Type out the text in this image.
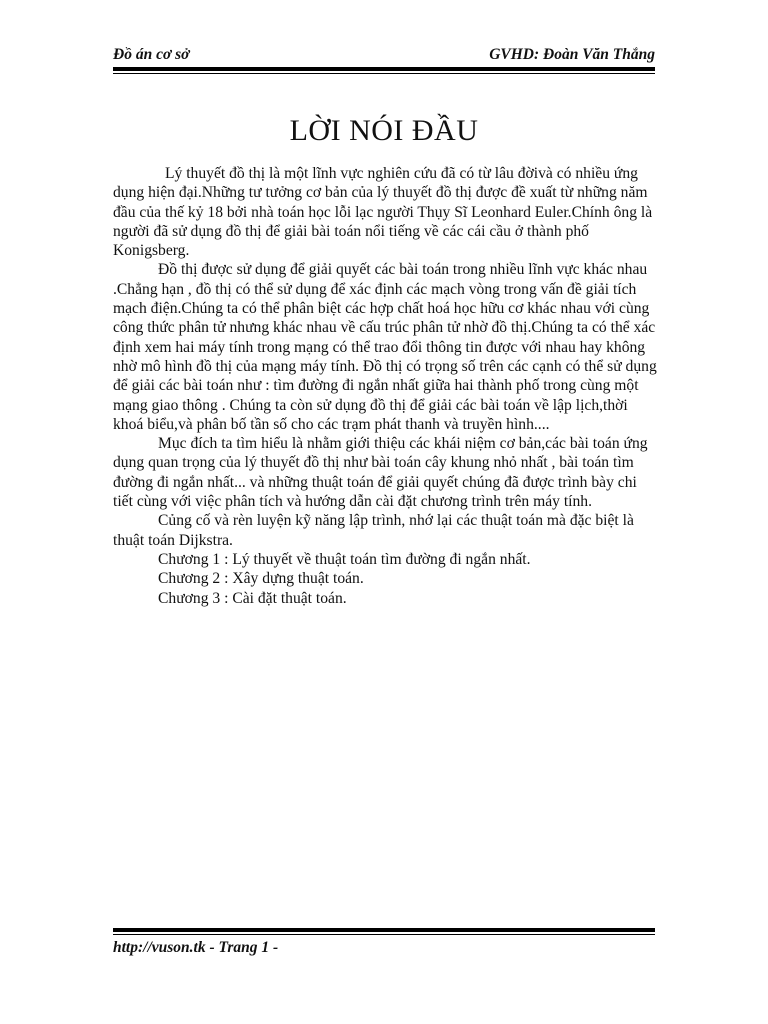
Đồ án cơ sở	GVHD: Đoàn Văn Thắng
LỜI NÓI ĐẦU

Lý thuyết đồ thị là một lĩnh vực nghiên cứu đã có từ lâu đờivà có nhiều ứng dụng hiện đại.Những tư tưởng cơ bản của lý thuyết đồ thị được đề xuất từ những năm đầu của thế kỷ 18 bởi nhà toán học lỗi lạc người Thụy Sĩ Leonhard Euler.Chính ông là người đã sử dụng đồ thị để giải bài toán nổi tiếng về các cái cầu ở thành phố Konigsberg.

Đồ thị được sử dụng để giải quyết các bài toán trong nhiều lĩnh vực khác nhau .Chẳng hạn , đồ thị có thể sử dụng để xác định các mạch vòng trong vấn đề giải tích mạch điện.Chúng ta có thể phân biệt các hợp chất hoá học hữu cơ khác nhau với cùng công thức phân tử nhưng khác nhau về cấu trúc phân tử nhờ đồ thị.Chúng ta có thể xác định xem hai máy tính trong mạng có thể trao đổi thông tin được với nhau hay không nhờ mô hình đồ thị của mạng máy tính. Đồ thị có trọng số trên các cạnh có thể sử dụng để giải các bài toán như : tìm đường đi ngắn nhất giữa hai thành phố trong cùng một mạng giao thông . Chúng ta còn sử dụng đồ thị để giải các bài toán về lập lịch,thời khoá biểu,và phân bố tần số cho các trạm phát thanh và truyền hình....

Mục đích ta tìm hiểu là nhằm giới thiệu các khái niệm cơ bản,các bài toán ứng dụng quan trọng của lý thuyết đồ thị như bài toán cây khung nhỏ nhất , bài toán tìm đường đi ngắn nhất... và những thuật toán để giải quyết chúng đã được trình bày chi tiết cùng với việc phân tích và hướng dẫn cài đặt chương trình trên máy tính.

Củng cố và rèn luyện kỹ năng lập trình, nhớ lại các thuật toán mà đặc biệt là thuật toán Dijkstra.

Chương 1 : Lý thuyết về thuật toán tìm đường đi ngắn nhất.

Chương 2 : Xây dựng thuật toán.

Chương 3 : Cài đặt thuật toán.

http://vuson.tk - Trang 1 -
